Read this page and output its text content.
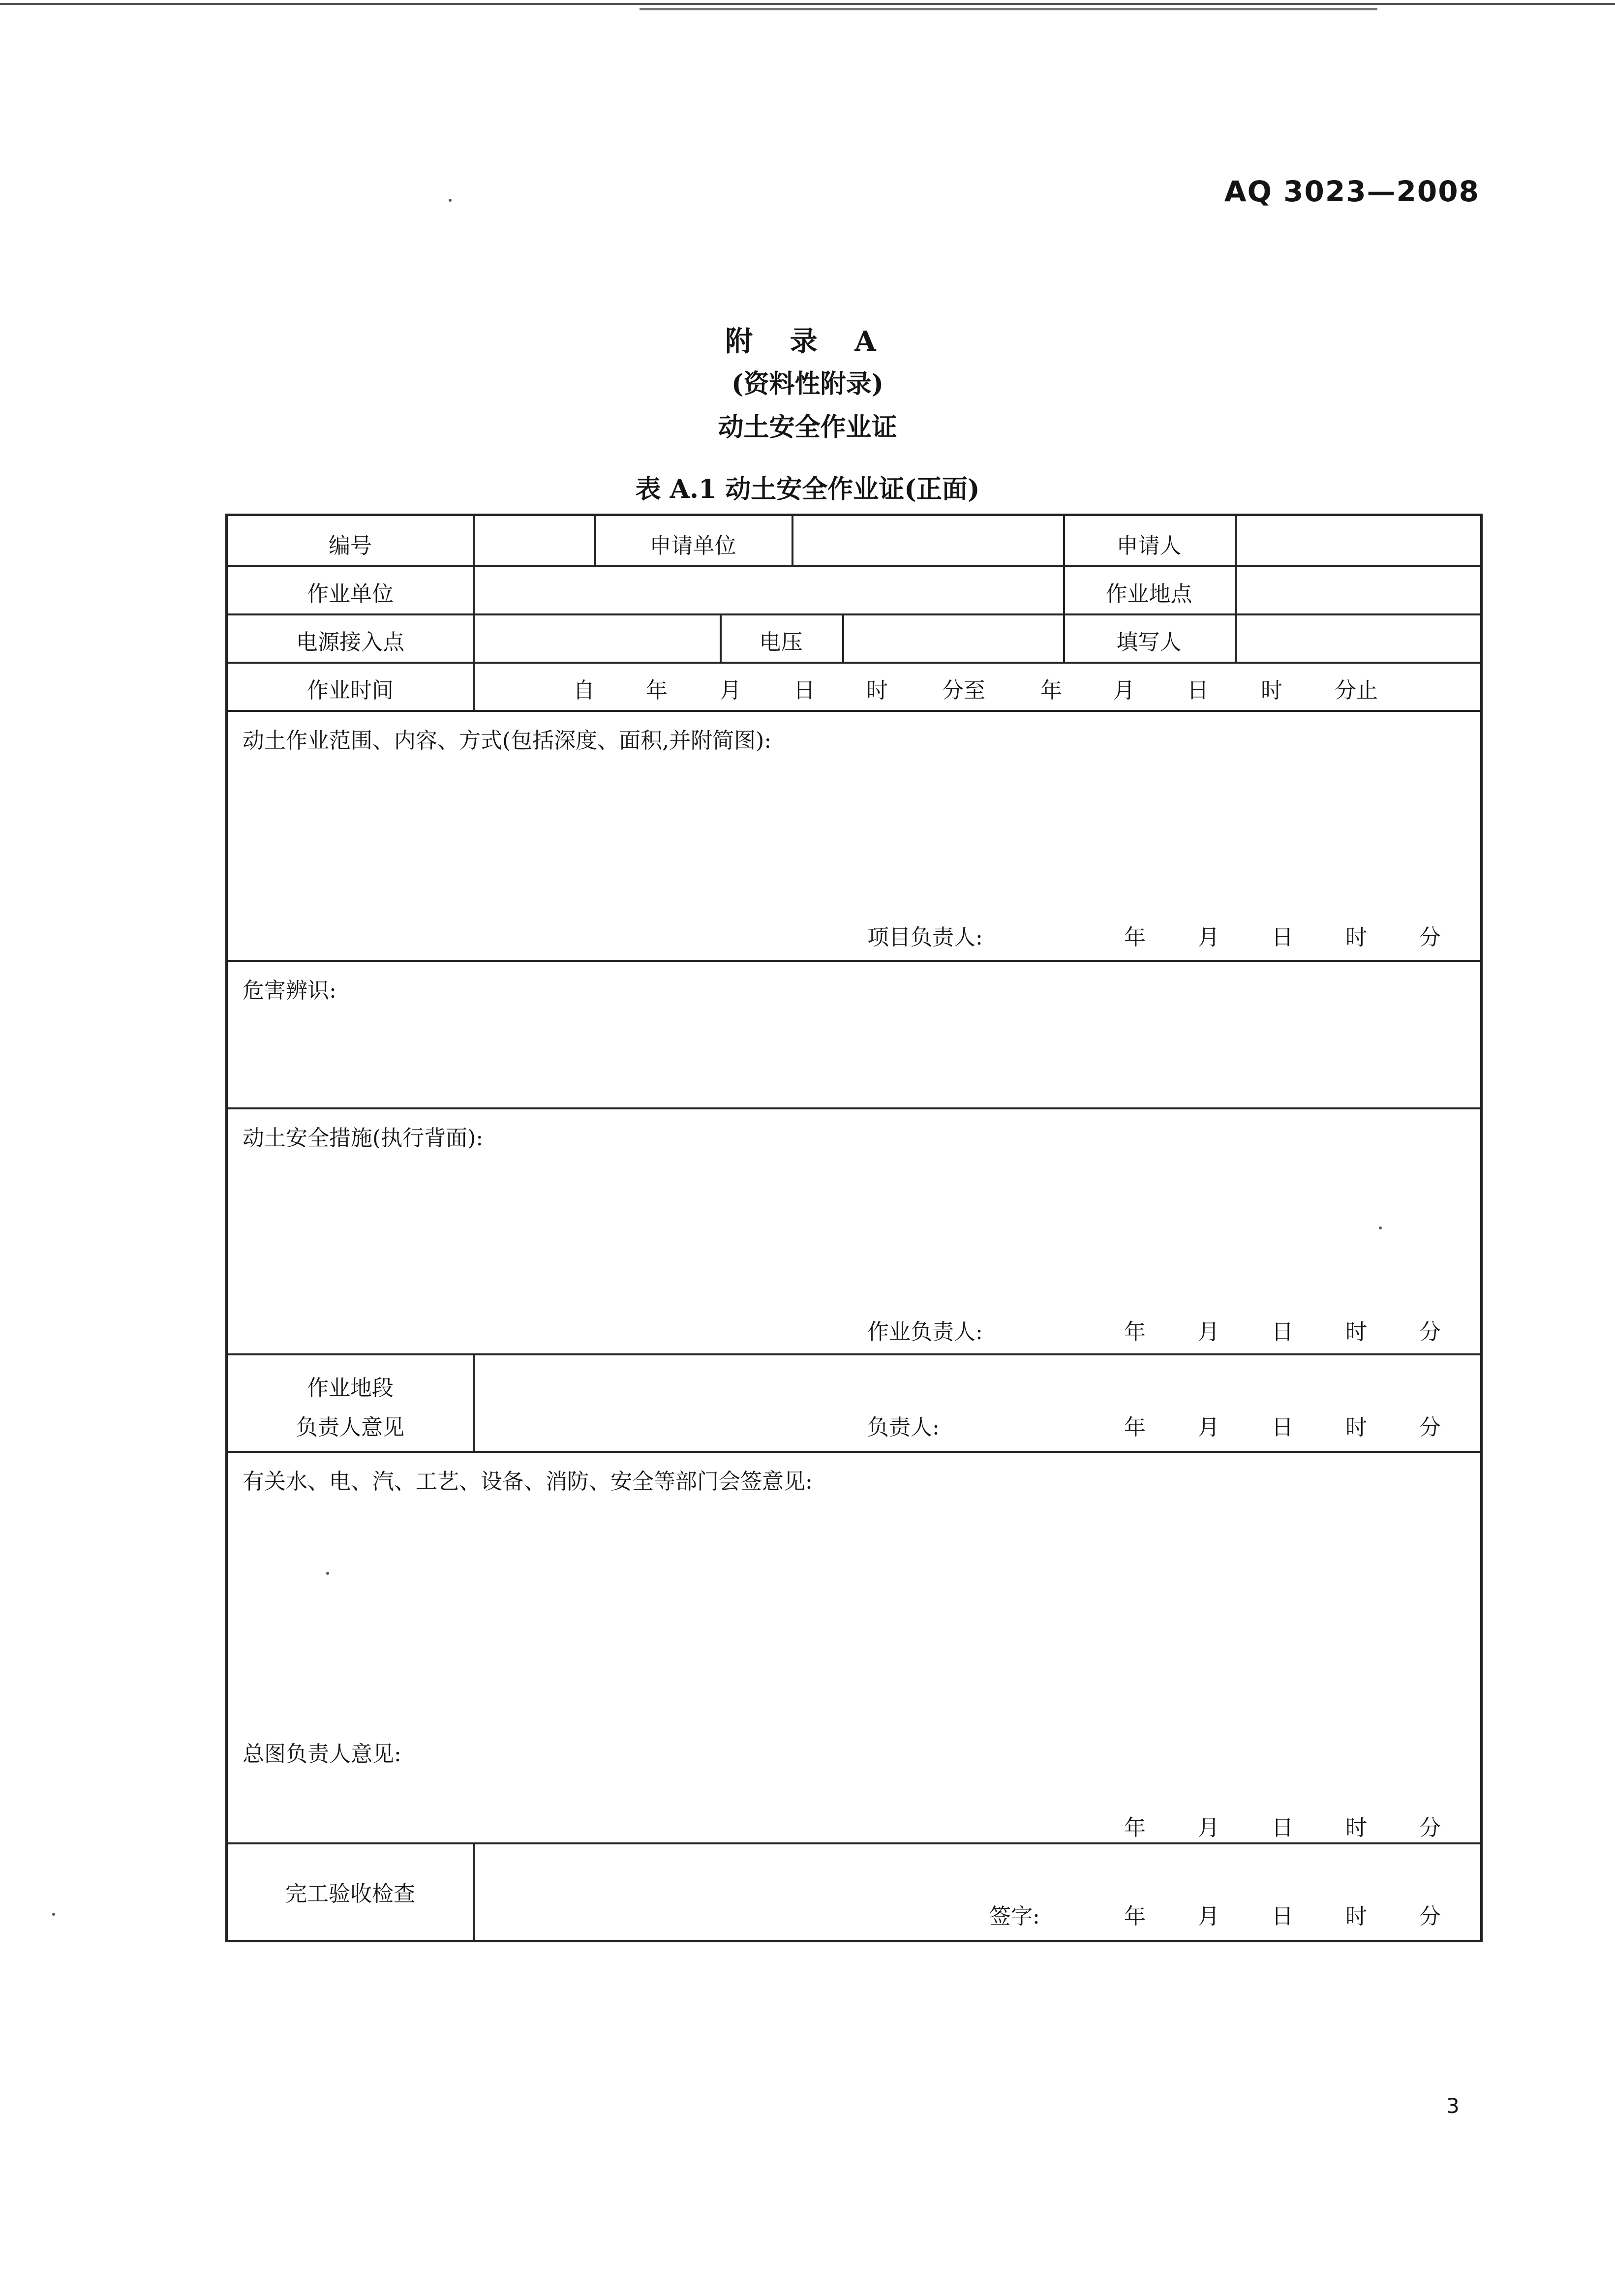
AQ 3023—2008
附 录 A
(资料性附录)
动土安全作业证
表 A.1 动土安全作业证(正面)
编号	申请单位	申请人
作业单位	作业地点
电源接入点	电压	填写人
作业时间	自 年 月 日 时	分至	年 月 日 时 分止
动土作业范围、内容、方式(包括深度、面积,并附简图):
项目负责人:	年 月 日 时 分
危害辨识:
动土安全措施(执行背面):
作业负责人:	年 月 日 时 分
作业地段
负责人意见	负责人:	年 月 日 时 分
有关水、电、汽、工艺、设备、消防、安全等部门会签意见:
总图负责人意见:
年 月 日 时 分
完工验收检查
签字:	年 月 日 时 分
3
